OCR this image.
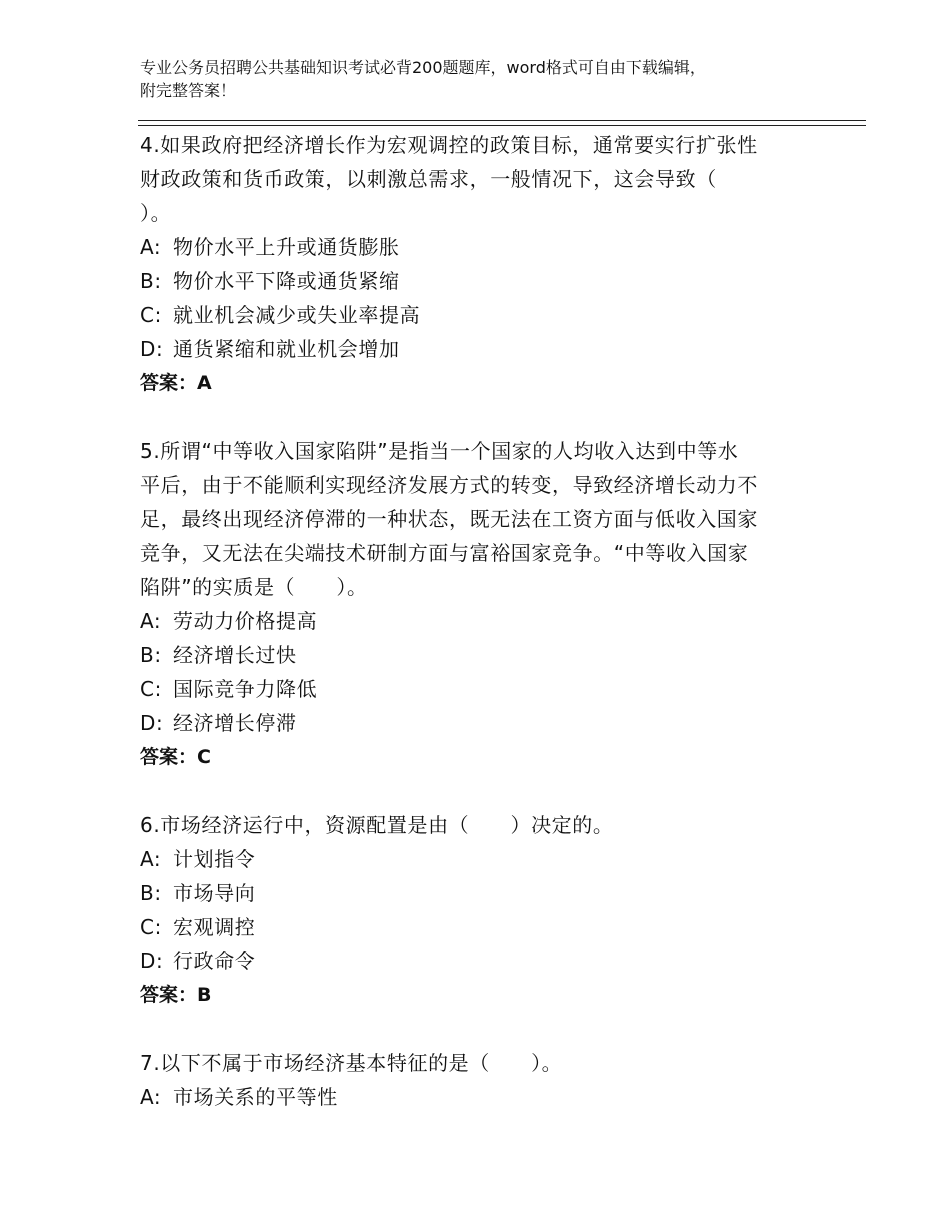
专业公务员招聘公共基础知识考试必背200题题库，word格式可自由下载编辑，
附完整答案！

4.如果政府把经济增长作为宏观调控的政策目标，通常要实行扩张性

财政政策和货币政策，以刺激总需求，一般情况下，这会导致（

）。

A: 物价水平上升或通货膨胀

B: 物价水平下降或通货紧缩

C: 就业机会减少或失业率提高

D: 通货紧缩和就业机会增加

答案：A

5.所谓“中等收入国家陷阱”是指当一个国家的人均收入达到中等水

平后，由于不能顺利实现经济发展方式的转变，导致经济增长动力不

足，最终出现经济停滞的一种状态，既无法在工资方面与低收入国家

竞争，又无法在尖端技术研制方面与富裕国家竞争。“中等收入国家

陷阱”的实质是（　　）。

A: 劳动力价格提高

B: 经济增长过快

C: 国际竞争力降低

D: 经济增长停滞

答案：C

6.市场经济运行中，资源配置是由（　　）决定的。

A: 计划指令

B: 市场导向

C: 宏观调控

D: 行政命令

答案：B

7.以下不属于市场经济基本特征的是（　　）。

A: 市场关系的平等性
